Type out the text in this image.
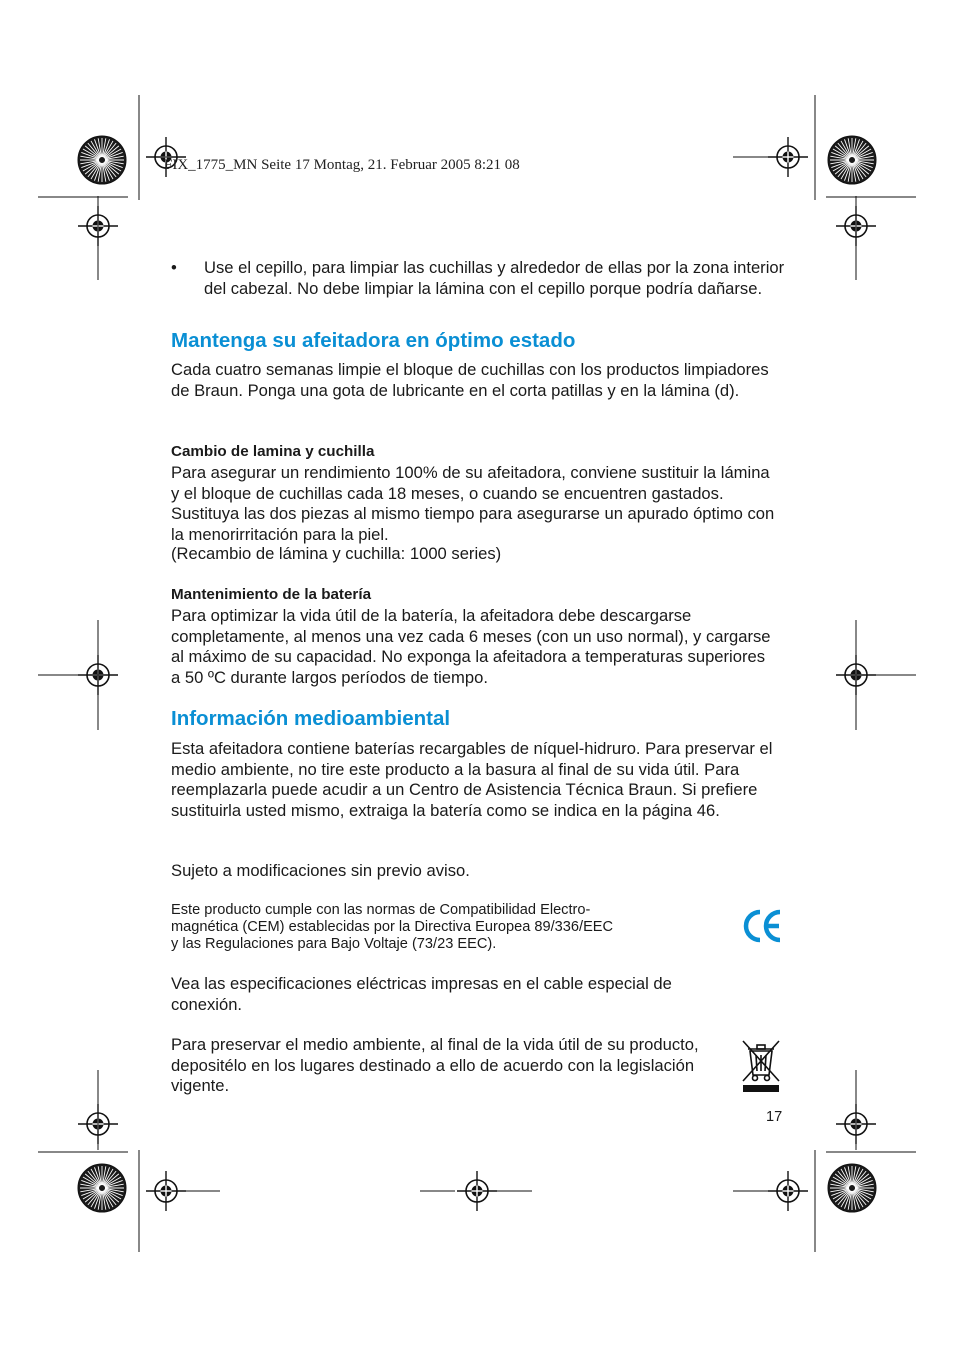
FIX_1775_MN Seite 17 Montag, 21. Februar 2005 8:21 08
• Use el cepillo, para limpiar las cuchillas y alrededor de ellas por la zona interior del cabezal. No debe limpiar la lámina con el cepillo porque podría dañarse.

Mantenga su afeitadora en óptimo estado

Cada cuatro semanas limpie el bloque de cuchillas con los productos limpiadores de Braun. Ponga una gota de lubricante en el corta patillas y en la lámina (d).

Cambio de lamina y cuchilla

Para asegurar un rendimiento 100% de su afeitadora, conviene sustituir la lámina y el bloque de cuchillas cada 18 meses, o cuando se encuentren gastados. Sustituya las dos piezas al mismo tiempo para asegurarse un apurado óptimo con la menorirritación para la piel.

(Recambio de lámina y cuchilla: 1000 series)

Mantenimiento de la batería

Para optimizar la vida útil de la batería, la afeitadora debe descargarse completamente, al menos una vez cada 6 meses (con un uso normal), y cargarse al máximo de su capacidad. No exponga la afeitadora a temperaturas superiores a 50 ºC durante largos períodos de tiempo.

Información medioambiental

Esta afeitadora contiene baterías recargables de níquel-hidruro. Para preservar el medio ambiente, no tire este producto a la basura al final de su vida útil. Para reemplazarla puede acudir a un Centro de Asistencia Técnica Braun. Si prefiere sustituirla usted mismo, extraiga la batería como se indica en la página 46.

Sujeto a modificaciones sin previo aviso.

Este producto cumple con las normas de Compatibilidad Electro-

magnética (CEM) establecidas por la Directiva Europea 89/336/EEC

y las Regulaciones para Bajo Voltaje (73/23 EEC).

Vea las especificaciones eléctricas impresas en el cable especial de conexión.

Para preservar el medio ambiente, al final de la vida útil de su producto, depositélo en los lugares destinado a ello de acuerdo con la legislación vigente.

17
